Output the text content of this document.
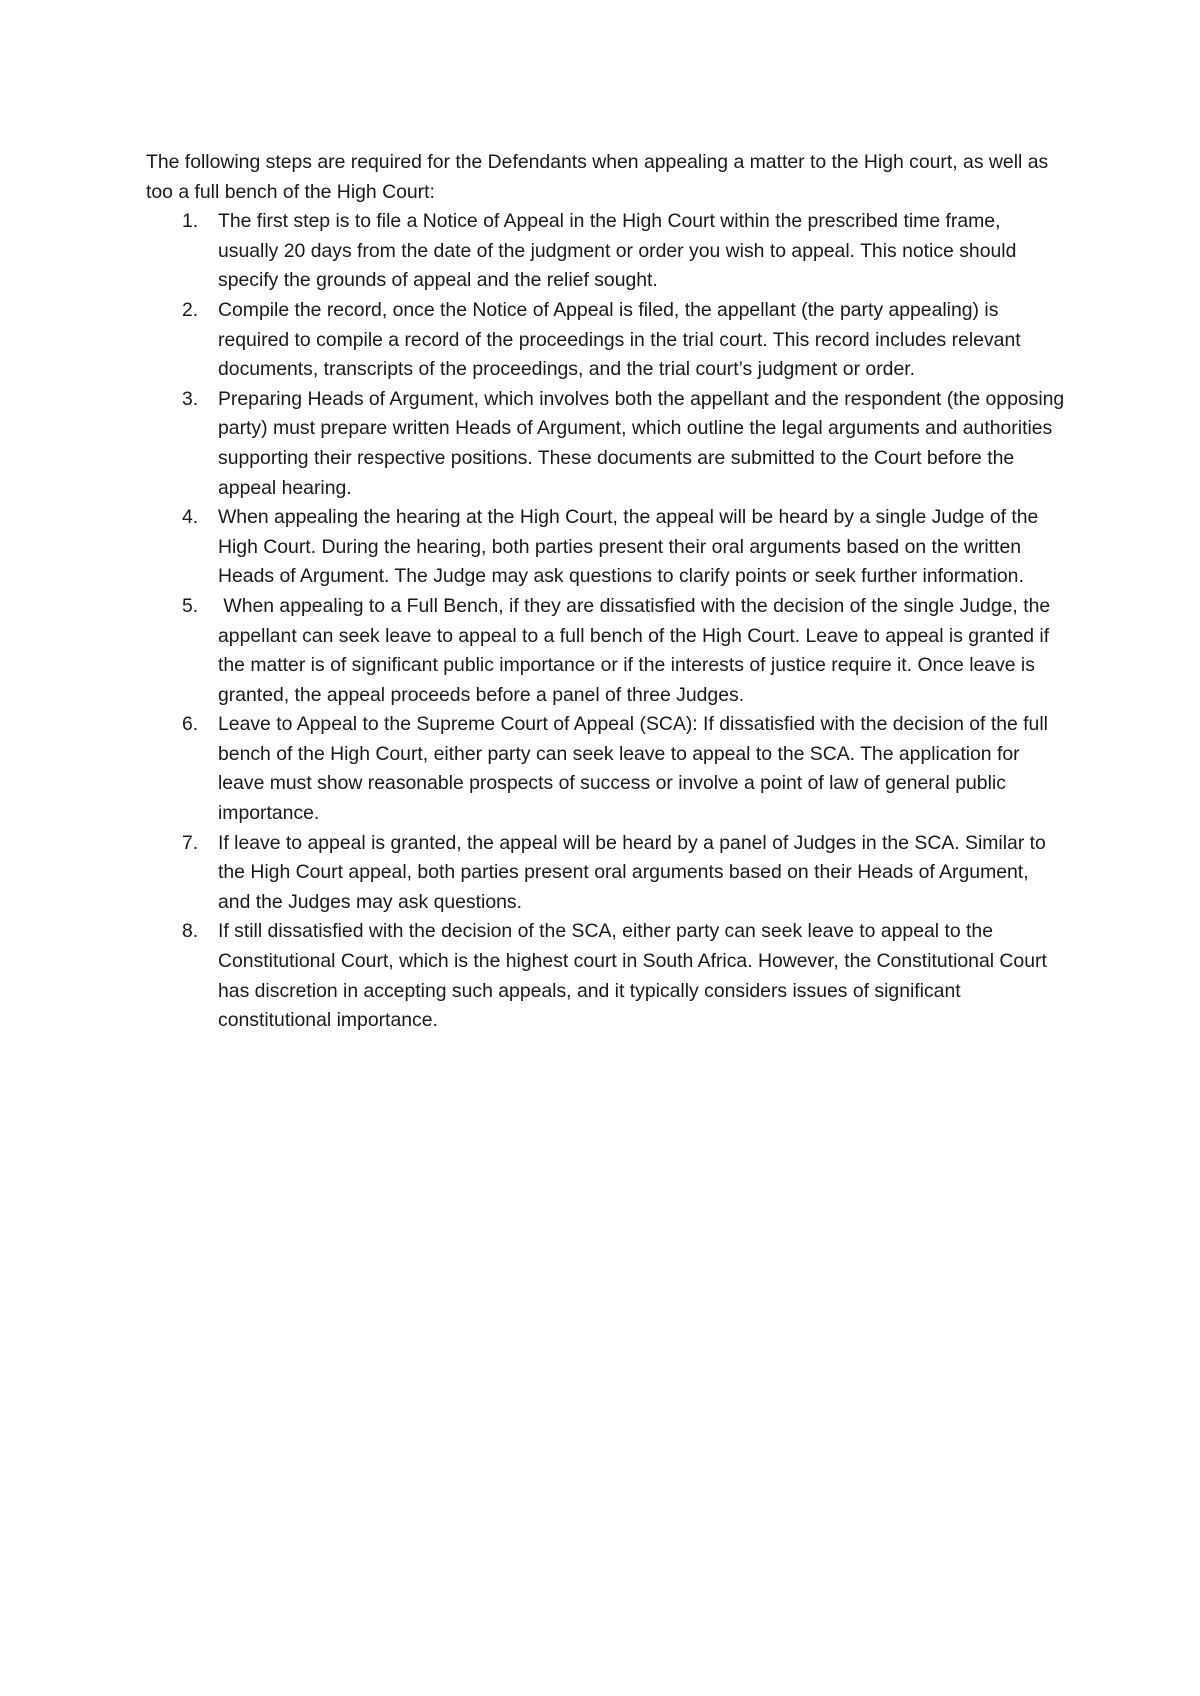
The following steps are required for the Defendants when appealing a matter to the High court, as well as too a full bench of the High Court:

1.	The first step is to file a Notice of Appeal in the High Court within the prescribed time frame, usually 20 days from the date of the judgment or order you wish to appeal. This notice should specify the grounds of appeal and the relief sought.
2.	Compile the record, once the Notice of Appeal is filed, the appellant (the party appealing) is required to compile a record of the proceedings in the trial court. This record includes relevant documents, transcripts of the proceedings, and the trial court’s judgment or order.
3.	Preparing Heads of Argument, which involves both the appellant and the respondent (the opposing party) must prepare written Heads of Argument, which outline the legal arguments and authorities supporting their respective positions. These documents are submitted to the Court before the appeal hearing.
4.	When appealing the hearing at the High Court, the appeal will be heard by a single Judge of the High Court. During the hearing, both parties present their oral arguments based on the written Heads of Argument. The Judge may ask questions to clarify points or seek further information.
5.	When appealing to a Full Bench, if they are dissatisfied with the decision of the single Judge, the appellant can seek leave to appeal to a full bench of the High Court. Leave to appeal is granted if the matter is of significant public importance or if the interests of justice require it. Once leave is granted, the appeal proceeds before a panel of three Judges.
6.	Leave to Appeal to the Supreme Court of Appeal (SCA): If dissatisfied with the decision of the full bench of the High Court, either party can seek leave to appeal to the SCA. The application for leave must show reasonable prospects of success or involve a point of law of general public importance.
7.	If leave to appeal is granted, the appeal will be heard by a panel of Judges in the SCA. Similar to the High Court appeal, both parties present oral arguments based on their Heads of Argument, and the Judges may ask questions.
8.	If still dissatisfied with the decision of the SCA, either party can seek leave to appeal to the Constitutional Court, which is the highest court in South Africa. However, the Constitutional Court has discretion in accepting such appeals, and it typically considers issues of significant constitutional importance.
